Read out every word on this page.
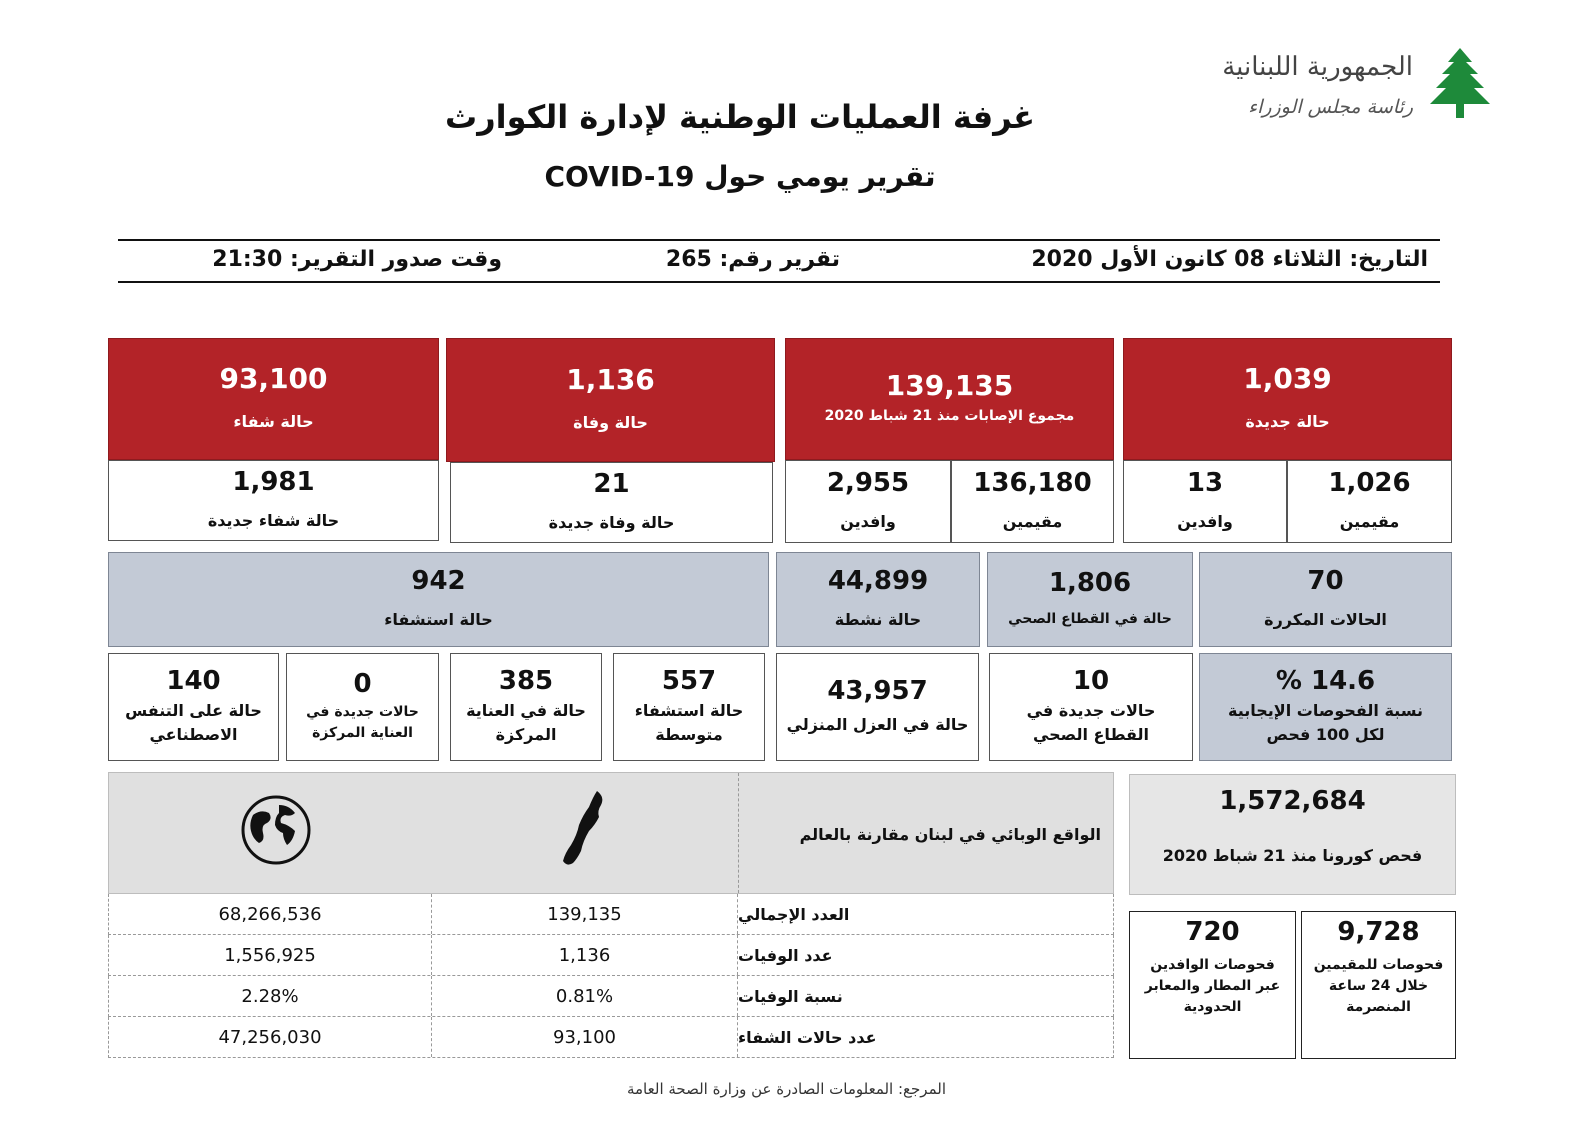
غرفة العمليات الوطنية لإدارة الكوارث
تقرير يومي حول COVID-19
الجمهورية اللبنانية
رئاسة مجلس الوزراء
التاريخ: الثلاثاء 08 كانون الأول 2020
تقرير رقم: 265
وقت صدور التقرير: 21:30
1,039
حالة جديدة
1,026
مقيمين
13
وافدين
139,135
مجموع الإصابات منذ 21 شباط 2020
136,180
مقيمين
2,955
وافدين
1,136
حالة وفاة
21
حالة وفاة جديدة
93,100
حالة شفاء
1,981
حالة شفاء جديدة
70
الحالات المكررة
1,806
حالة في القطاع الصحي
44,899
حالة نشطة
942
حالة استشفاء
14.6 %
نسبة الفحوصات الإيجابية لكل 100 فحص
10
حالات جديدة في القطاع الصحي
43,957
حالة في العزل المنزلي
557
حالة استشفاء متوسطة
385
حالة في العناية المركزة
0
حالات جديدة في العناية المركزة
140
حالة على التنفس الاصطناعي
الواقع الوبائي في لبنان مقارنة بالعالم
68,266,536	139,135	العدد الإجمالي
1,556,925	1,136	عدد الوفيات
2.28%	0.81%	نسبة الوفيات
47,256,030	93,100	عدد حالات الشفاء
1,572,684
فحص كورونا منذ 21 شباط 2020
9,728
فحوصات للمقيمين خلال 24 ساعة المنصرمة
720
فحوصات الوافدين عبر المطار والمعابر الحدودية
المرجع: المعلومات الصادرة عن وزارة الصحة العامة
